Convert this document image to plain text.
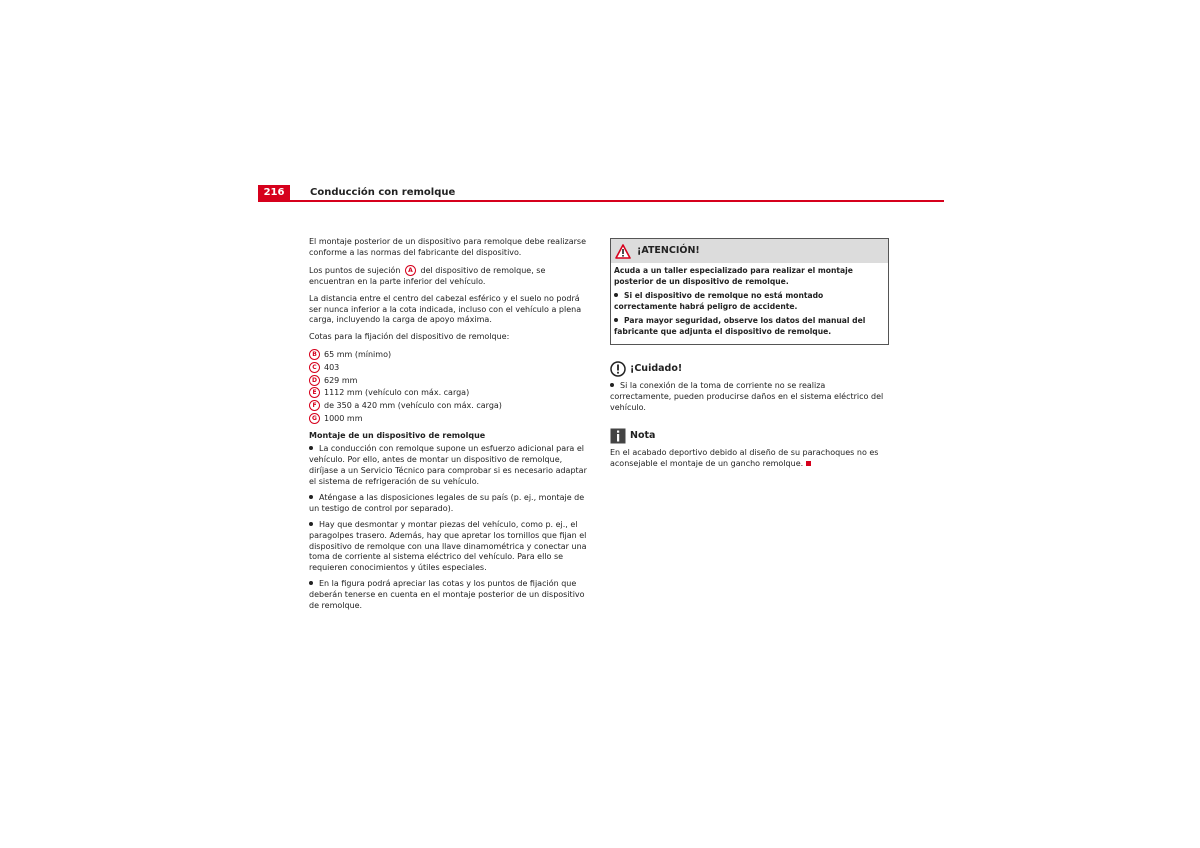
216	Conducción con remolque

El montaje posterior de un dispositivo para remolque debe realizarse conforme a las normas del fabricante del dispositivo.

Los puntos de sujeción A del dispositivo de remolque, se encuentran en la parte inferior del vehículo.

La distancia entre el centro del cabezal esférico y el suelo no podrá ser nunca inferior a la cota indicada, incluso con el vehículo a plena carga, incluyendo la carga de apoyo máxima.

Cotas para la fijación del dispositivo de remolque:

B 65 mm (mínimo)
C 403
D 629 mm
E 1112 mm (vehículo con máx. carga)
F de 350 a 420 mm (vehículo con máx. carga)
G 1000 mm
Montaje de un dispositivo de remolque

La conducción con remolque supone un esfuerzo adicional para el vehículo. Por ello, antes de montar un dispositivo de remolque, diríjase a un Servicio Técnico para comprobar si es necesario adaptar el sistema de refrigeración de su vehículo.

Aténgase a las disposiciones legales de su país (p. ej., montaje de un testigo de control por separado).

Hay que desmontar y montar piezas del vehículo, como p. ej., el paragolpes trasero. Además, hay que apretar los tornillos que fijan el dispositivo de remolque con una llave dinamométrica y conectar una toma de corriente al sistema eléctrico del vehículo. Para ello se requieren conocimientos y útiles especiales.

En la figura podrá apreciar las cotas y los puntos de fijación que deberán tenerse en cuenta en el montaje posterior de un dispositivo de remolque.

¡ATENCIÓN!

Acuda a un taller especializado para realizar el montaje posterior de un dispositivo de remolque.

Si el dispositivo de remolque no está montado correctamente habrá peligro de accidente.

Para mayor seguridad, observe los datos del manual del fabricante que adjunta el dispositivo de remolque.

¡Cuidado!

Si la conexión de la toma de corriente no se realiza correctamente, pueden producirse daños en el sistema eléctrico del vehículo.

Nota

En el acabado deportivo debido al diseño de su parachoques no es aconsejable el montaje de un gancho remolque.
